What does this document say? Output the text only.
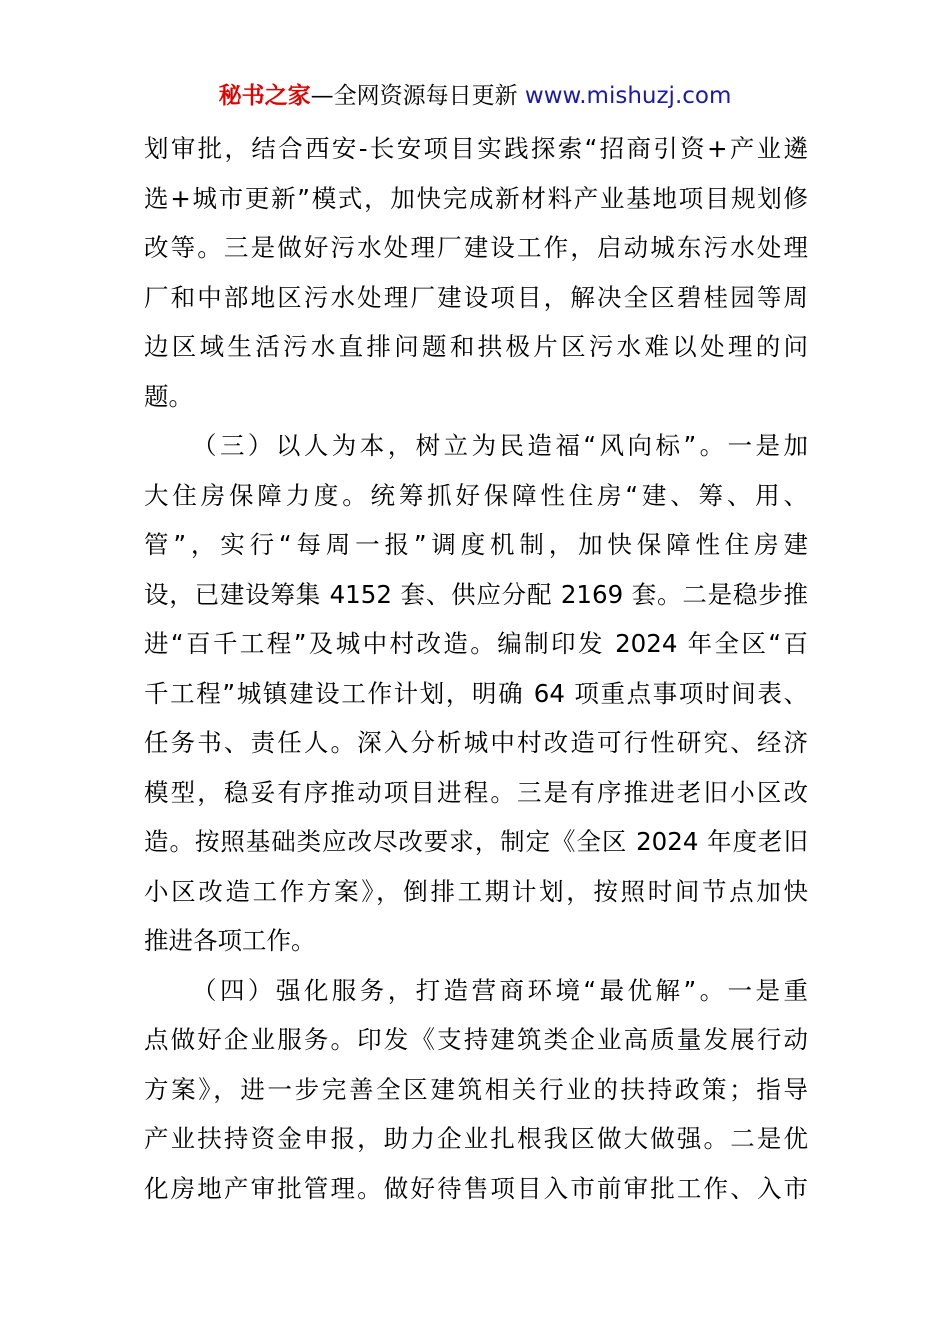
秘书之家—全网资源每日更新 www.mishuzj.com
划审批，结合西安-长安项目实践探索“招商引资+产业遴
选+城市更新”模式，加快完成新材料产业基地项目规划修
改等。三是做好污水处理厂建设工作，启动城东污水处理
厂和中部地区污水处理厂建设项目，解决全区碧桂园等周
边区域生活污水直排问题和拱极片区污水难以处理的问
题。
（三）以人为本，树立为民造福“风向标”。一是加
大住房保障力度。统筹抓好保障性住房“建、筹、用、
管”，实行“每周一报”调度机制，加快保障性住房建
设，已建设筹集 4152 套、供应分配 2169 套。二是稳步推
进“百千工程”及城中村改造。编制印发 2024 年全区“百
千工程”城镇建设工作计划，明确 64 项重点事项时间表、
任务书、责任人。深入分析城中村改造可行性研究、经济
模型，稳妥有序推动项目进程。三是有序推进老旧小区改
造。按照基础类应改尽改要求，制定《全区 2024 年度老旧
小区改造工作方案》，倒排工期计划，按照时间节点加快
推进各项工作。
（四）强化服务，打造营商环境“最优解”。一是重
点做好企业服务。印发《支持建筑类企业高质量发展行动
方案》，进一步完善全区建筑相关行业的扶持政策；指导
产业扶持资金申报，助力企业扎根我区做大做强。二是优
化房地产审批管理。做好待售项目入市前审批工作、入市
